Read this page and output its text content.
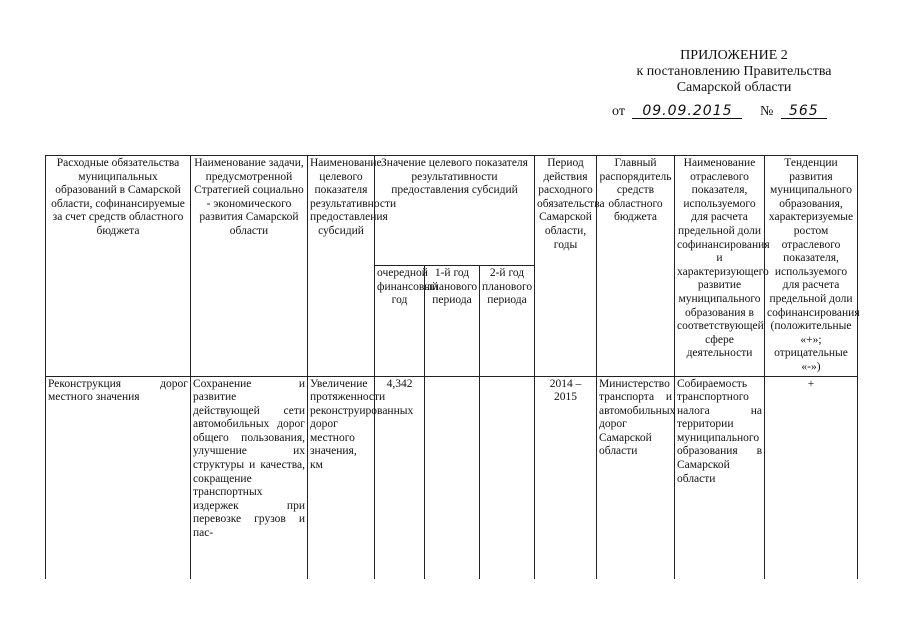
ПРИЛОЖЕНИЕ 2
к постановлению Правительства
Самарской области
от 09.09.2015 № 565
Расходные обязательства муниципальных образований в Самарской области, софинансируемые за счет средств областного бюджета	Наименование задачи, предусмотренной Стратегией социально - экономического развития Самарской области	Наименование целевого показателя результативности предоставления субсидий	Значение целевого показателя результативности предоставления субсидий			Период действия расходного обязательства Самарской области, годы	Главный распорядитель средств областного бюджета	Наименование отраслевого показателя, используемого для расчета предельной доли софинансирования и характеризующего развитие муниципального образования в соответствующей сфере деятельности	Тенденции развития муниципального образования, характеризуемые ростом отраслевого показателя, используемого для расчета предельной доли софинансирования (положительные «+»; отрицательные «-»)
			очередной финансовый год	1-й год планового периода	2-й год планового периода				
Реконструкция дорог местного значения	Сохранение и развитие действующей сети автомобильных дорог общего пользования, улучшение их структуры и качества, сокращение транспортных издержек при перевозке грузов и пас-	Увеличение протяженности реконструированных дорог местного значения, км	4,342			2014 – 2015	Министерство транспорта и автомобильных дорог Самарской области	Собираемость транспортного налога на территории муниципального образования в Самарской области	+
